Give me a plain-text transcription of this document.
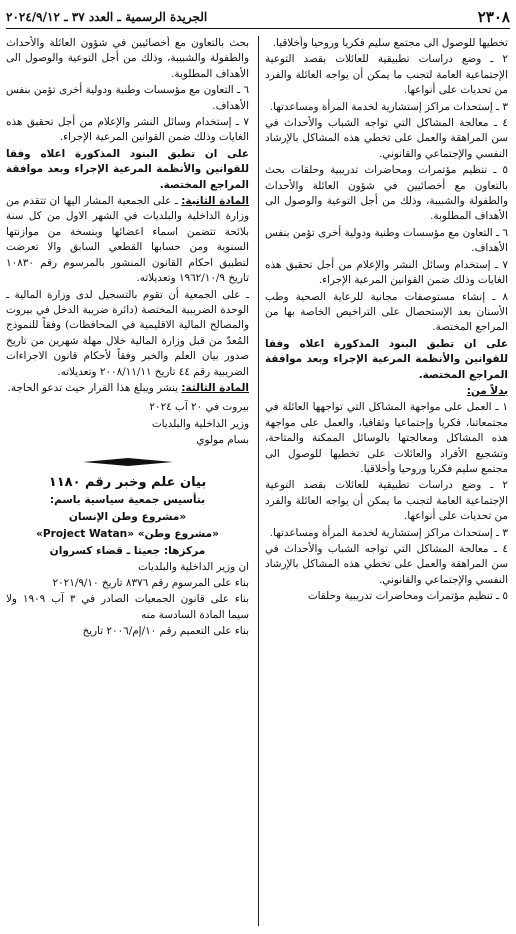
٢٣٠٨
الجريدة الرسمية ـ العدد ٣٧ ـ ٢٠٢٤/٩/١٢

تخطيها للوصول الى مجتمع سليم فكريا وروحيا وأخلاقيا.

٢ ـ وضع دراسات تطبيقية للعائلات بقصد التوعية الإجتماعية العامة لتجنب ما يمكن أن يواجه العائلة والفرد من تحديات على أنواعها.

٣ ـ إستحداث مراكز إستشارية لخدمة المرأة ومساعدتها.

٤ ـ معالجة المشاكل التي تواجه الشباب والأحداث في سن المراهقة والعمل على تخطي هذه المشاكل بالإرشاد النفسي والإجتماعي والقانوني.

٥ ـ تنظيم مؤتمرات ومحاضرات تدريبية وحلقات بحث بالتعاون مع أخصائيين في شؤون العائلة والأحداث والطفولة والشبيبة، وذلك من أجل التوعية والوصول الى الأهداف المطلوبة.

٦ ـ التعاون مع مؤسسات وطنية ودولية أخرى تؤمن بنفس الأهداف.

٧ ـ إستخدام وسائل النشر والإعلام من أجل تحقيق هذه الغايات وذلك ضمن القوانين المرعية الإجراء.

٨ ـ إنشاء مستوصفات مجانية للرعاية الصحية وطب الأسنان بعد الإستحصال على التراخيص الخاصة بها من المراجع المختصة.

على ان تطبق البنود المذكورة اعلاه وفقا للقوانين والأنظمة المرعية الإجراء وبعد موافقة المراجع المختصة.

بدلاً من:

١ ـ العمل على مواجهة المشاكل التي تواجهها العائلة في مجتمعاتنا، فكريا وإجتماعيا وثقافيا، والعمل على مواجهة هذه المشاكل ومعالجتها بالوسائل الممكنة والمتاحة، وتشجيع الأفراد والعائلات على تخطيها للوصول الى مجتمع سليم فكريا وروحيا وأخلاقيا.

٢ ـ وضع دراسات تطبيقية للعائلات بقصد التوعية الإجتماعية العامة لتجنب ما يمكن أن يواجه العائلة والفرد من تحديات على أنواعها.

٣ ـ إستحداث مراكز إستشارية لخدمة المرأة ومساعدتها.

٤ ـ معالجة المشاكل التي تواجه الشباب والأحداث في سن المراهقة والعمل على تخطي هذه المشاكل بالإرشاد النفسي والإجتماعي والقانوني.

٥ ـ تنظيم مؤتمرات ومحاضرات تدريبية وحلقات

بحث بالتعاون مع أخصائيين في شؤون العائلة والأحداث والطفولة والشبيبة، وذلك من أجل التوعية والوصول الى الأهداف المطلوبة.

٦ ـ التعاون مع مؤسسات وطنية ودولية أخرى تؤمن بنفس الأهداف.

٧ ـ إستخدام وسائل النشر والإعلام من أجل تحقيق هذه الغايات وذلك ضمن القوانين المرعية الإجراء.

على ان تطبق البنود المذكورة اعلاه وفقا للقوانين والأنظمة المرعية الإجراء وبعد موافقة المراجع المختصة.

المادة الثانية: ـ على الجمعية المشار اليها ان تتقدم من وزارة الداخلية والبلديات في الشهر الاول من كل سنة بلائحة تتضمن اسماء اعضائها وبنسخة من موازنتها السنوية ومن حسابها القطعي السابق والا تعرضت لتطبيق احكام القانون المنشور بالمرسوم رقم ١٠٨٣٠ تاريخ ١٩٦٢/١٠/٩ وتعديلاته.

ـ على الجمعية أن تقوم بالتسجيل لدى وزارة المالية ـ الوحدة الضريبية المختصة (دائرة ضريبة الدخل في بيروت والمصالح المالية الاقليمية في المحافظات) وفقاً للنموذج المُعدّ من قبل وزارة المالية خلال مهلة شهرين من تاريخ صدور بيان العلم والخبر وفقاً لأحكام قانون الاجراءات الضريبية رقم ٤٤ تاريخ ٢٠٠٨/١١/١١ وتعديلاته.

المادة الثالثة: ينشر ويبلغ هذا القرار حيث تدعو الحاجة.

بيروت في ٢٠ آب ٢٠٢٤

وزير الداخلية والبلديات

بسام مولوي

بيان علم وخبر رقم ١١٨٠

بتأسيس جمعية سياسية باسم:

«مشروع وطن الإنسان

«مشروع وطن» «Project Watan»

مركزها: جعيتا ـ قضاء كسروان

ان وزير الداخلية والبلديات

بناء على المرسوم رقم ٨٣٧٦ تاريخ ٢٠٢١/٩/١٠

بناء على قانون الجمعيات الصادر في ٣ آب ١٩٠٩ ولا سيما المادة السادسة منه

بناء على التعميم رقم ١٠/إم/٢٠٠٦ تاريخ
